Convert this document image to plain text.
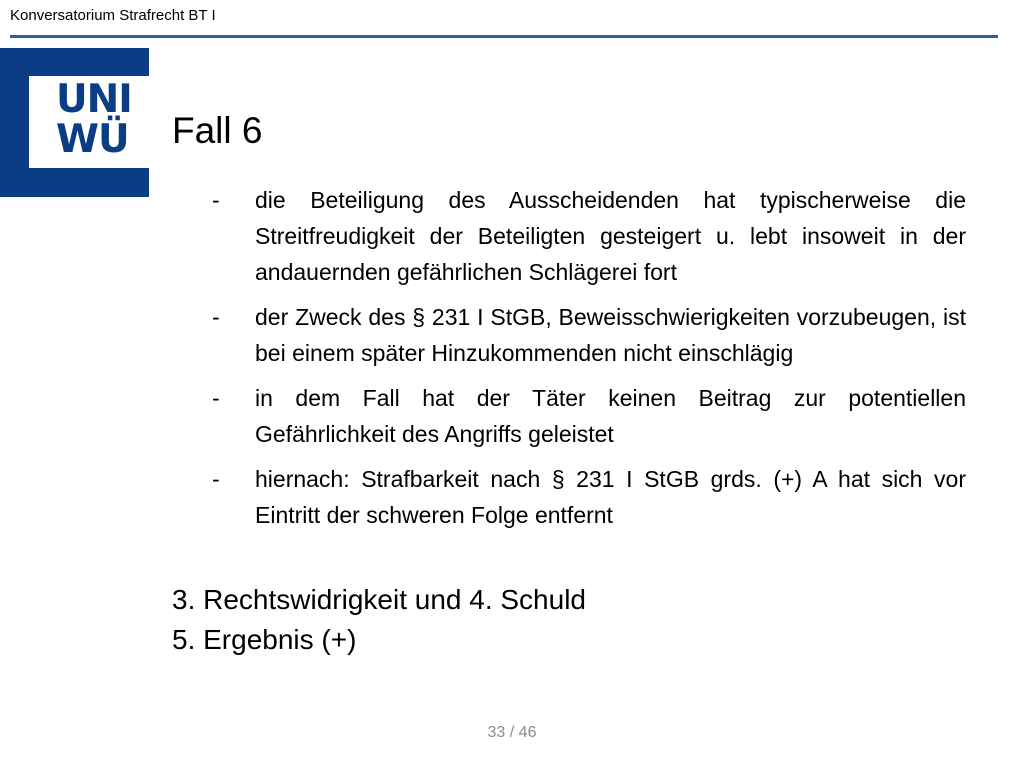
Konversatorium Strafrecht BT I
UNI
WÜ Fall 6
-	die Beteiligung des Ausscheidenden hat typischerweise die Streitfreudigkeit der Beteiligten gesteigert u. lebt insoweit in der andauernden gefährlichen Schlägerei fort
-	der Zweck des § 231 I StGB, Beweisschwierigkeiten vorzubeugen, ist bei einem später Hinzukommenden nicht einschlägig
-	in dem Fall hat der Täter keinen Beitrag zur potentiellen Gefährlichkeit des Angriffs geleistet
-	hiernach: Strafbarkeit nach § 231 I StGB grds. (+) A hat sich vor Eintritt der schweren Folge entfernt
3. Rechtswidrigkeit und 4. Schuld
5. Ergebnis (+)
33 / 46
